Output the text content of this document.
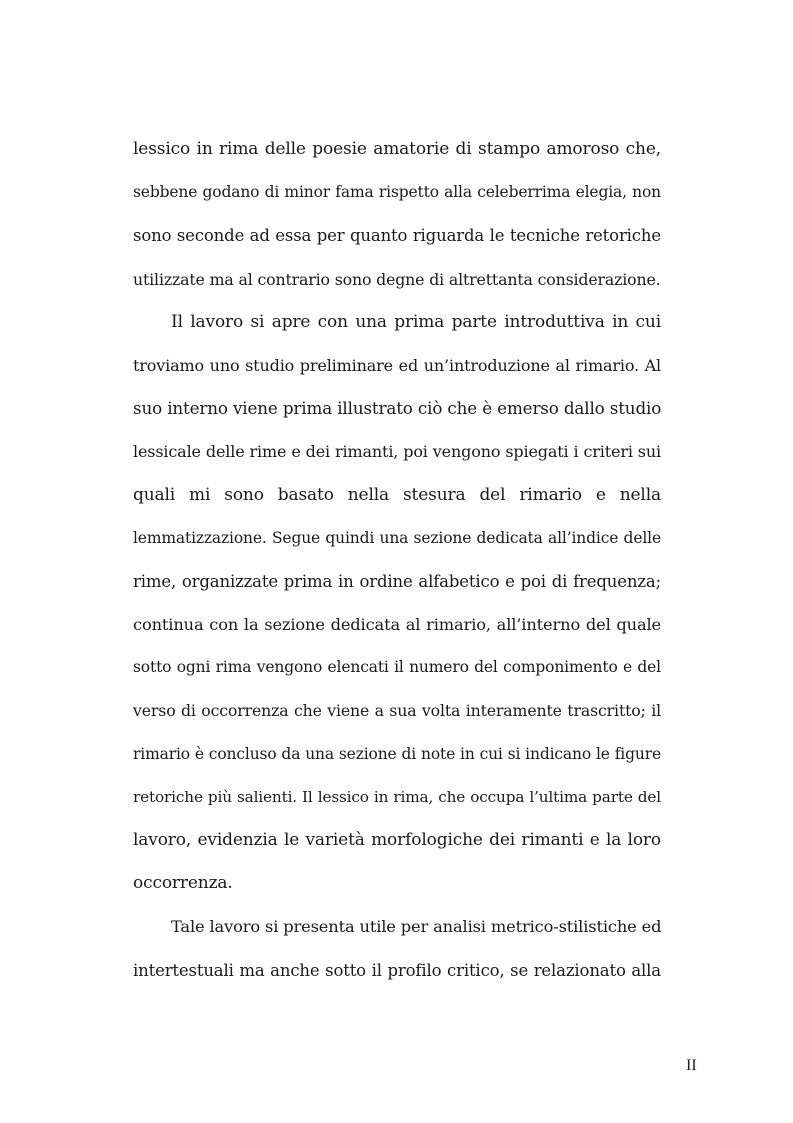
lessico in rima delle poesie amatorie di stampo amoroso che,
sebbene godano di minor fama rispetto alla celeberrima elegia, non
sono seconde ad essa per quanto riguarda le tecniche retoriche
utilizzate ma al contrario sono degne di altrettanta considerazione.
Il lavoro si apre con una prima parte introduttiva in cui
troviamo uno studio preliminare ed un’introduzione al rimario. Al
suo interno viene prima illustrato ciò che è emerso dallo studio
lessicale delle rime e dei rimanti, poi vengono spiegati i criteri sui
quali mi sono basato nella stesura del rimario e nella
lemmatizzazione. Segue quindi una sezione dedicata all’indice delle
rime, organizzate prima in ordine alfabetico e poi di frequenza;
continua con la sezione dedicata al rimario, all’interno del quale
sotto ogni rima vengono elencati il numero del componimento e del
verso di occorrenza che viene a sua volta interamente trascritto; il
rimario è concluso da una sezione di note in cui si indicano le figure
retoriche più salienti. Il lessico in rima, che occupa l’ultima parte del
lavoro, evidenzia le varietà morfologiche dei rimanti e la loro
occorrenza.
Tale lavoro si presenta utile per analisi metrico-stilistiche ed
intertestuali ma anche sotto il profilo critico, se relazionato alla
II
